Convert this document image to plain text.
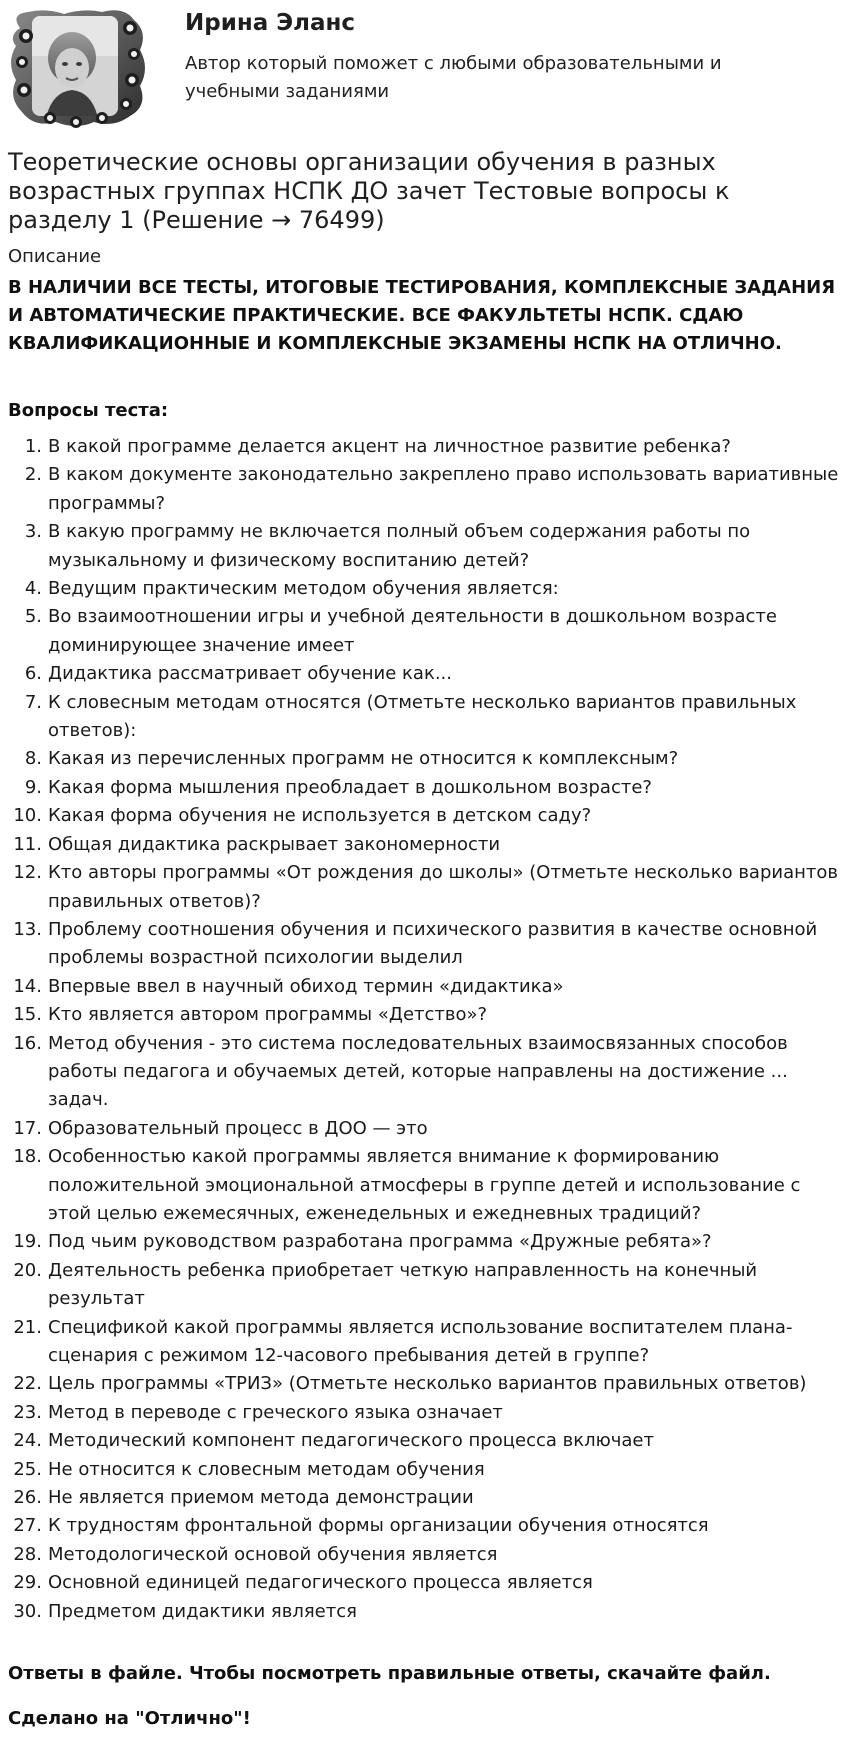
Ирина Эланс
Автор который поможет с любыми образовательными и учебными заданиями
Теоретические основы организации обучения в разных возрастных группах НСПК ДО зачет Тестовые вопросы к разделу 1 (Решение → 76499)
Описание

В НАЛИЧИИ ВСЕ ТЕСТЫ, ИТОГОВЫЕ ТЕСТИРОВАНИЯ, КОМПЛЕКСНЫЕ ЗАДАНИЯ И АВТОМАТИЧЕСКИЕ ПРАКТИЧЕСКИЕ. ВСЕ ФАКУЛЬТЕТЫ НСПК. СДАЮ КВАЛИФИКАЦИОННЫЕ И КОМПЛЕКСНЫЕ ЭКЗАМЕНЫ НСПК НА ОТЛИЧНО.

Вопросы теста:

1. В какой программе делается акцент на личностное развитие ребенка?
2. В каком документе законодательно закреплено право использовать вариативные программы?
3. В какую программу не включается полный объем содержания работы по музыкальному и физическому воспитанию детей?
4. Ведущим практическим методом обучения является:
5. Во взаимоотношении игры и учебной деятельности в дошкольном возрасте доминирующее значение имеет
6. Дидактика рассматривает обучение как...
7. К словесным методам относятся (Отметьте несколько вариантов правильных ответов):
8. Какая из перечисленных программ не относится к комплексным?
9. Какая форма мышления преобладает в дошкольном возрасте?
10. Какая форма обучения не используется в детском саду?
11. Общая дидактика раскрывает закономерности
12. Кто авторы программы «От рождения до школы» (Отметьте несколько вариантов правильных ответов)?
13. Проблему соотношения обучения и психического развития в качестве основной проблемы возрастной психологии выделил
14. Впервые ввел в научный обиход термин «дидактика»
15. Кто является автором программы «Детство»?
16. Метод обучения - это система последовательных взаимосвязанных способов работы педагога и обучаемых детей, которые направлены на достижение ... задач.
17. Образовательный процесс в ДОО — это
18. Особенностью какой программы является внимание к формированию положительной эмоциональной атмосферы в группе детей и использование с этой целью ежемесячных, еженедельных и ежедневных традиций?
19. Под чьим руководством разработана программа «Дружные ребята»?
20. Деятельность ребенка приобретает четкую направленность на конечный результат
21. Спецификой какой программы является использование воспитателем плана-сценария с режимом 12-часового пребывания детей в группе?
22. Цель программы «ТРИЗ» (Отметьте несколько вариантов правильных ответов)
23. Метод в переводе с греческого языка означает
24. Методический компонент педагогического процесса включает
25. Не относится к словесным методам обучения
26. Не является приемом метода демонстрации
27. К трудностям фронтальной формы организации обучения относятся
28. Методологической основой обучения является
29. Основной единицей педагогического процесса является
30. Предметом дидактики является

Ответы в файле. Чтобы посмотреть правильные ответы, скачайте файл.

Сделано на "Отлично"!
